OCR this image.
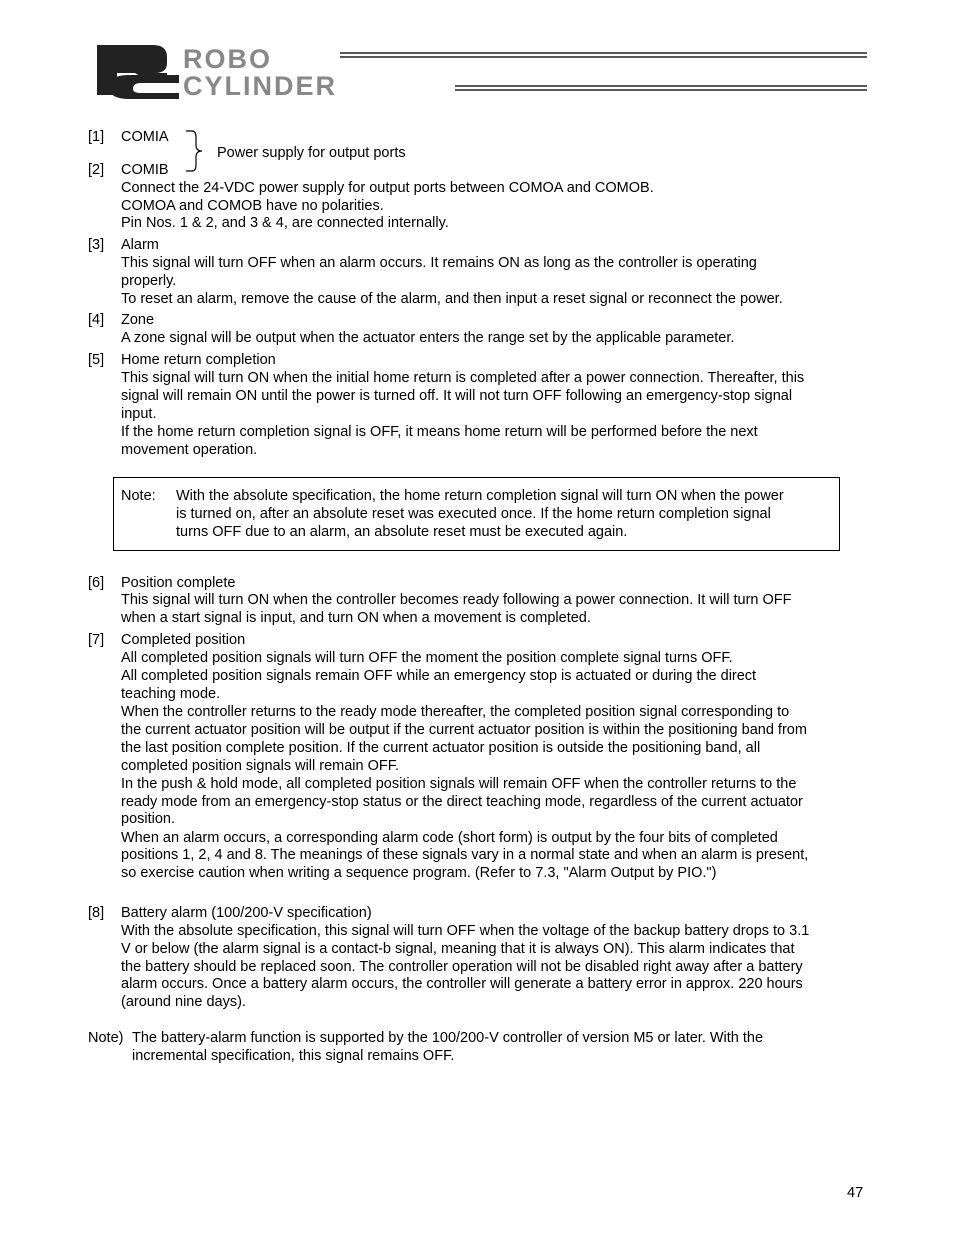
ROBO
CYLINDER
[1] COMIA
Power supply for output ports
[2] COMIB
Connect the 24-VDC power supply for output ports between COMOA and COMOB.
COMOA and COMOB have no polarities.
Pin Nos. 1 & 2, and 3 & 4, are connected internally.
[3] Alarm
This signal will turn OFF when an alarm occurs. It remains ON as long as the controller is operating
properly.
To reset an alarm, remove the cause of the alarm, and then input a reset signal or reconnect the power.
[4] Zone
A zone signal will be output when the actuator enters the range set by the applicable parameter.
[5] Home return completion
This signal will turn ON when the initial home return is completed after a power connection. Thereafter, this
signal will remain ON until the power is turned off. It will not turn OFF following an emergency-stop signal
input.
If the home return completion signal is OFF, it means home return will be performed before the next
movement operation.
Note: With the absolute specification, the home return completion signal will turn ON when the power
is turned on, after an absolute reset was executed once. If the home return completion signal
turns OFF due to an alarm, an absolute reset must be executed again.
[6] Position complete
This signal will turn ON when the controller becomes ready following a power connection. It will turn OFF
when a start signal is input, and turn ON when a movement is completed.
[7] Completed position
All completed position signals will turn OFF the moment the position complete signal turns OFF.
All completed position signals remain OFF while an emergency stop is actuated or during the direct
teaching mode.
When the controller returns to the ready mode thereafter, the completed position signal corresponding to
the current actuator position will be output if the current actuator position is within the positioning band from
the last position complete position. If the current actuator position is outside the positioning band, all
completed position signals will remain OFF.
In the push & hold mode, all completed position signals will remain OFF when the controller returns to the
ready mode from an emergency-stop status or the direct teaching mode, regardless of the current actuator
position.
When an alarm occurs, a corresponding alarm code (short form) is output by the four bits of completed
positions 1, 2, 4 and 8. The meanings of these signals vary in a normal state and when an alarm is present,
so exercise caution when writing a sequence program. (Refer to 7.3, "Alarm Output by PIO.")
[8] Battery alarm (100/200-V specification)
With the absolute specification, this signal will turn OFF when the voltage of the backup battery drops to 3.1
V or below (the alarm signal is a contact-b signal, meaning that it is always ON). This alarm indicates that
the battery should be replaced soon. The controller operation will not be disabled right away after a battery
alarm occurs. Once a battery alarm occurs, the controller will generate a battery error in approx. 220 hours
(around nine days).
Note) The battery-alarm function is supported by the 100/200-V controller of version M5 or later. With the
incremental specification, this signal remains OFF.
47
